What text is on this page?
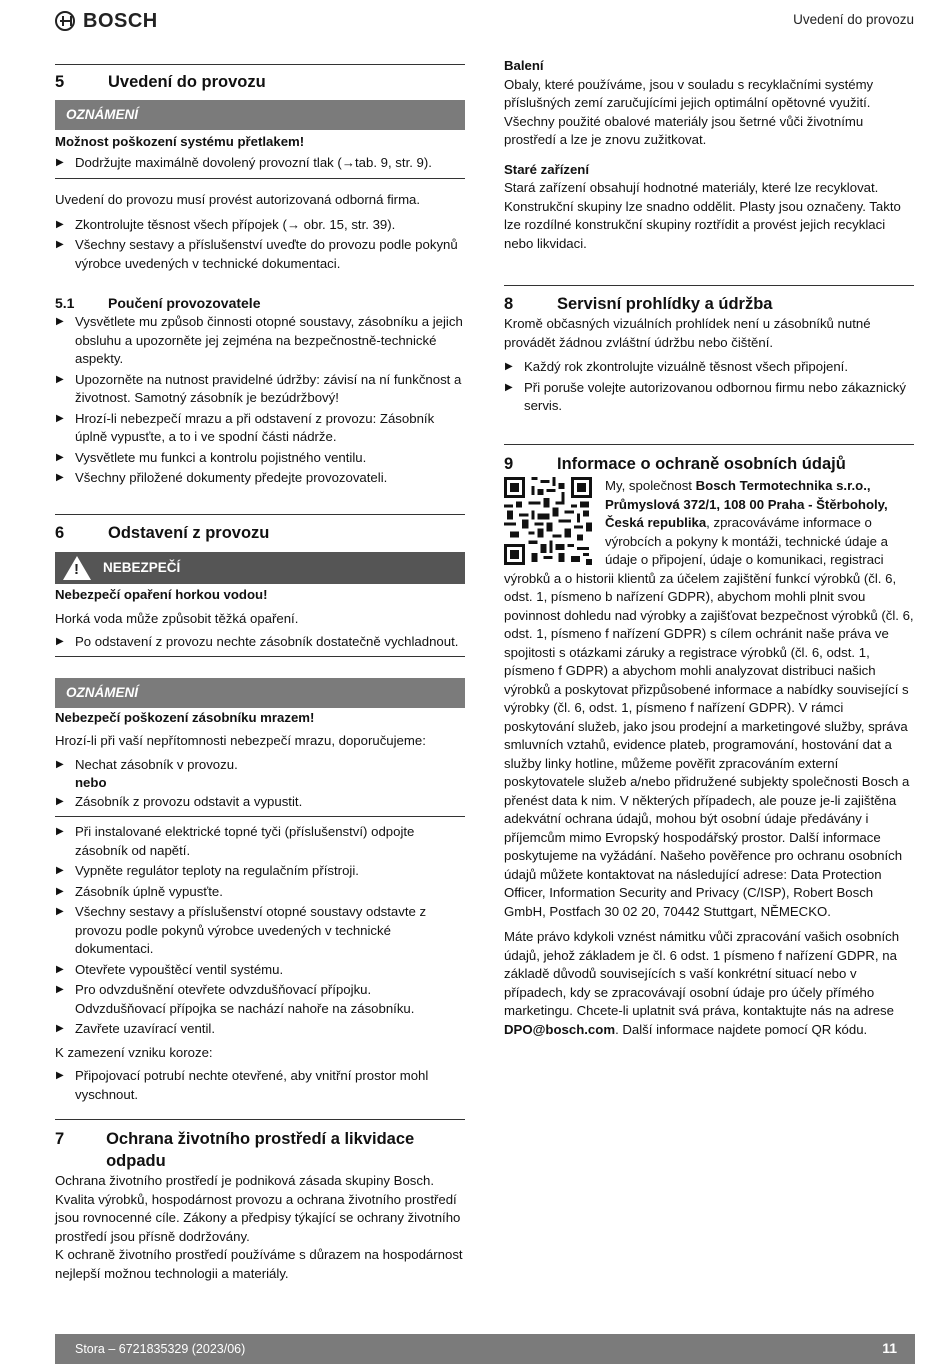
BOSCH	Uvedení do provozu
5	Uvedení do provozu
OZNÁMENÍ

Možnost poškození systému přetlakem!

▶ Dodržujte maximálně dovolený provozní tlak (→tab. 9, str. 9).

Uvedení do provozu musí provést autorizovaná odborná firma.

▶ Zkontrolujte těsnost všech přípojek (→ obr. 15, str. 39).
▶ Všechny sestavy a příslušenství uveďte do provozu podle pokynů výrobce uvedených v technické dokumentaci.
5.1	Poučení provozovatele
▶ Vysvětlete mu způsob činnosti otopné soustavy, zásobníku a jejich obsluhu a upozorněte jej zejména na bezpečnostně-technické aspekty.
▶ Upozorněte na nutnost pravidelné údržby: závisí na ní funkčnost a životnost. Samotný zásobník je bezúdržbový!
▶ Hrozí-li nebezpečí mrazu a při odstavení z provozu: Zásobník úplně vypusťte, a to i ve spodní části nádrže.
▶ Vysvětlete mu funkci a kontrolu pojistného ventilu.
▶ Všechny přiložené dokumenty předejte provozovateli.
6	Odstavení z provozu
! NEBEZPEČÍ

Nebezpečí opaření horkou vodou!

Horká voda může způsobit těžká opaření.

▶ Po odstavení z provozu nechte zásobník dostatečně vychladnout.
OZNÁMENÍ

Nebezpečí poškození zásobníku mrazem!

Hrozí-li při vaší nepřítomnosti nebezpečí mrazu, doporučujeme:

▶ Nechat zásobník v provozu.

nebo

▶ Zásobník z provozu odstavit a vypustit.
▶ Při instalované elektrické topné tyči (příslušenství) odpojte zásobník od napětí.
▶ Vypněte regulátor teploty na regulačním přístroji.
▶ Zásobník úplně vypusťte.
▶ Všechny sestavy a příslušenství otopné soustavy odstavte z provozu podle pokynů výrobce uvedených v technické dokumentaci.
▶ Otevřete vypouštěcí ventil systému.
▶ Pro odvzdušnění otevřete odvzdušňovací přípojku. Odvzdušňovací přípojka se nachází nahoře na zásobníku.
▶ Zavřete uzavírací ventil.

K zamezení vzniku koroze:

▶ Připojovací potrubí nechte otevřené, aby vnitřní prostor mohl vyschnout.
7	Ochrana životního prostředí a likvidace odpadu

Ochrana životního prostředí je podniková zásada skupiny Bosch. Kvalita výrobků, hospodárnost provozu a ochrana životního prostředí jsou rovnocenné cíle. Zákony a předpisy týkající se ochrany životního prostředí jsou přísně dodržovány.

K ochraně životního prostředí používáme s důrazem na hospodárnost nejlepší možnou technologii a materiály.

Balení

Obaly, které používáme, jsou v souladu s recyklačními systémy příslušných zemí zaručujícími jejich optimální opětovné využití. Všechny použité obalové materiály jsou šetrné vůči životnímu prostředí a lze je znovu zužitkovat.

Staré zařízení

Stará zařízení obsahují hodnotné materiály, které lze recyklovat. Konstrukční skupiny lze snadno oddělit. Plasty jsou označeny. Takto lze rozdílné konstrukční skupiny roztřídit a provést jejich recyklaci nebo likvidaci.

8	Servisní prohlídky a údržba

Kromě občasných vizuálních prohlídek není u zásobníků nutné provádět žádnou zvláštní údržbu nebo čištění.

▶ Každý rok zkontrolujte vizuálně těsnost všech připojení.
▶ Při poruše volejte autorizovanou odbornou firmu nebo zákaznický servis.
9	Informace o ochraně osobních údajů

My, společnost Bosch Termotechnika s.r.o., Průmyslová 372/1, 108 00 Praha - Štěrboholy, Česká republika, zpracováváme informace o výrobcích a pokyny k montáži, technické údaje a údaje o připojení, údaje o komunikaci, registraci výrobků a o historii klientů za účelem zajištění funkcí výrobků (čl. 6, odst. 1, písmeno b nařízení GDPR), abychom mohli plnit svou povinnost dohledu nad výrobky a zajišťovat bezpečnost výrobků (čl. 6, odst. 1, písmeno f nařízení GDPR) s cílem ochránit naše práva ve spojitosti s otázkami záruky a registrace výrobků (čl. 6, odst. 1, písmeno f GDPR) a abychom mohli analyzovat distribuci našich výrobků a poskytovat přizpůsobené informace a nabídky související s výrobky (čl. 6, odst. 1, písmeno f nařízení GDPR). V rámci poskytování služeb, jako jsou prodejní a marketingové služby, správa smluvních vztahů, evidence plateb, programování, hostování dat a služby linky hotline, můžeme pověřit zpracováním externí poskytovatele služeb a/nebo přidružené subjekty společnosti Bosch a přenést data k nim. V některých případech, ale pouze je-li zajištěna adekvátní ochrana údajů, mohou být osobní údaje předávány i příjemcům mimo Evropský hospodářský prostor. Další informace poskytujeme na vyžádání. Našeho pověřence pro ochranu osobních údajů můžete kontaktovat na následující adrese: Data Protection Officer, Information Security and Privacy (C/ISP), Robert Bosch GmbH, Postfach 30 02 20, 70442 Stuttgart, NĚMECKO.

Máte právo kdykoli vznést námitku vůči zpracování vašich osobních údajů, jehož základem je čl. 6 odst. 1 písmeno f nařízení GDPR, na základě důvodů souvisejících s vaší konkrétní situací nebo v případech, kdy se zpracovávají osobní údaje pro účely přímého marketingu. Chcete-li uplatnit svá práva, kontaktujte nás na adrese DPO@bosch.com. Další informace najdete pomocí QR kódu.

Stora – 6721835329 (2023/06)	11
